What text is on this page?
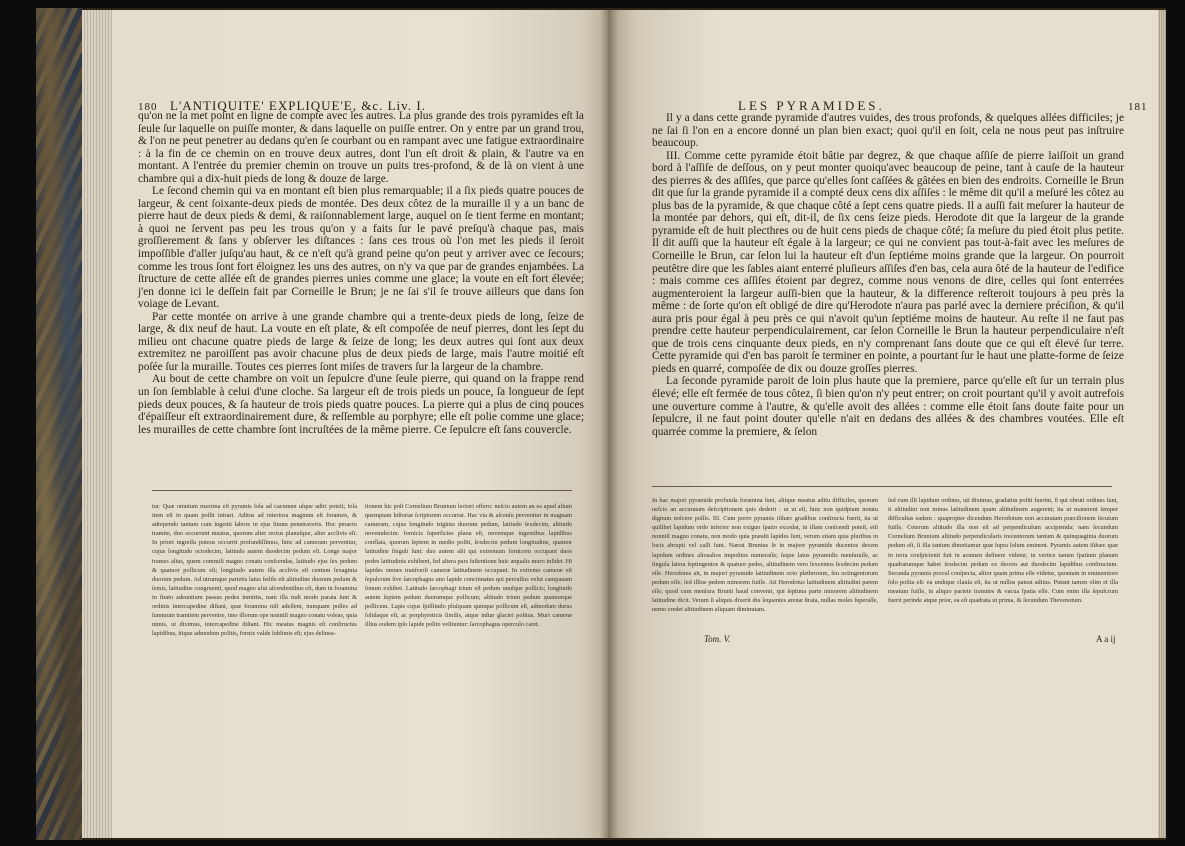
180 L'ANTIQUITE' EXPLIQUE'E, &c. Liv. I.

qu'on ne la met point en ligne de compte avec les autres. La plus grande des trois pyramides eſt la ſeule ſur laquelle on puiſſe monter, & dans laquelle on puiſſe entrer. On y entre par un grand trou, & l'on ne peut penetrer au dedans qu'en ſe courbant ou en rampant avec une fatigue extraordinaire : à la fin de ce chemin on en trouve deux autres, dont l'un eſt droit & plain, & l'autre va en montant. A l'entrée du premier chemin on trouve un puits tres-profond, & de là on vient à une chambre qui a dix-huit pieds de long & douze de large.

Le ſecond chemin qui va en montant eſt bien plus remarquable; il a ſix pieds quatre pouces de largeur, & cent ſoixante-deux pieds de montée. Des deux côtez de la muraille il y a un banc de pierre haut de deux pieds & demi, & raiſonnablement large, auquel on ſe tient ferme en montant; à quoi ne ſervent pas peu les trous qu'on y a faits ſur le pavé preſqu'à chaque pas, mais groſſierement & ſans y obſerver les diſtances : ſans ces trous où l'on met les pieds il ſeroit impoſſible d'aller juſqu'au haut, & ce n'eſt qu'à grand peine qu'on peut y arriver avec ce ſecours; comme les trous ſont fort éloignez les uns des autres, on n'y va que par de grandes enjambées. La ſtructure de cette allée eſt de grandes pierres unies comme une glace; la voute en eſt fort élevée; j'en donne ici le deſſein fait par Corneille le Brun; je ne ſai s'il ſe trouve ailleurs que dans ſon voiage de Levant.

Par cette montée on arrive à une grande chambre qui a trente-deux pieds de long, ſeize de large, & dix neuf de haut. La voute en eſt plate, & eſt compoſée de neuf pierres, dont les ſept du milieu ont chacune quatre pieds de large & ſeize de long; les deux autres qui ſont aux deux extremitez ne paroiſſent pas avoir chacune plus de deux pieds de large, mais l'autre moitié eſt poſée ſur la muraille. Toutes ces pierres ſont miſes de travers ſur la largeur de la chambre.

Au bout de cette chambre on voit un ſepulcre d'une ſeule pierre, qui quand on la frappe rend un ſon ſemblable à celui d'une cloche. Sa largeur eſt de trois pieds un pouce, ſa longueur de ſept pieds deux pouces, & ſa hauteur de trois pieds quatre pouces. La pierre qui a plus de cinq pouces d'épaiſſeur eſt extraordinairement dure, & reſſemble au porphyre; elle eſt polie comme une glace; les murailles de cette chambre ſont incruſtées de la même pierre. Ce ſepulcre eſt ſans couvercle.

tur. Quæ omnium maxima eſt pyramis ſola ad cacumen uſque adiri poteſt; ſola item eſt in quam poſſit intrari. Aditus ad interiora magnum eſt foramen, & adrependo tantum cum ingenti labore in ejus ſinum penetraveris. Hoc peracto tramite, duo occurrunt meatus, quorum alter rectus planuſque, alter acclivis eſt. In priori ingreſſu puteus occurrit profundiſſimus, hinc ad cameram pervenitur, cujus longitudo octodecim, latitudo autem duodecim pedum eſt. Longe major trames alius, quem commiſi magno conatu conſcendas, latitudo ejus ſex pedum & quatuor pollicum eſt; longitudo autem illa acclivis eſt centum ſexaginta duorum pedum. Ad utrumque parietis latus ſedile eſt altitudine duorum pedum & ſemis, latitudine congruenti, quod magno uſui aſcendentibus eſt, dum in foramina in ſtrato adeuntium passus pedes inmittis, nam illa rudi modo parata ſunt & ordinis intercapedine diſtant, quæ foramina niſi adeſſent, nunquam poſſes ad ſummum tramitem pervenire, imo illorum ope nonniſi magno conatu voleas, quia nimis, ut diximus, intercapedine diſtant. Hic meatus magnis eſt conſtructus lapidibus, itique admodum politis, fornix valde ſublimis eſt; ejus delinea-

tionem hic poſt Cornelium Brunium lectori offero: neſcio autem an ea apud alium quempiam hiſtoriæ ſcriptorem occurrat. Hac via & aſcenſu pervenitur in magnam cameram, cujus longitudo triginta duorum pedum, latitudo ſexdecim, altitudo novemdecim: fornicis ſuperficies plana eſt, novemque ingentibus lapidibus conflata, quorum ſeptem in medio poſiti, ſexdecim pedum longitudine, quatuor latitudine ſinguli ſunt: duo autem alii qui extremum fornicem occupant duos pedes latitudinis exhibent, ſed altera pars ſuſtentione huic æqualis muro inſidet. Hi lapides omnes tranſverſi cameræ latitudinem occupant. In extremo cameræ eſt ſepulcrum ſive ſarcophagus uno lapide concinnatus qui percuſſus velut campanam ſonum exhibet. Latitudo ſarcophagi trium eſt pedum unuſque pollicis; longitudo autem ſeptem pedum duorumque pollicum; altitudo trium pedum quatuorque pollicum. Lapis cujus ſpiſſitudo pluſquam quinque pollicum eſt, admodum durus ſolidaque eſt, ac porphyreticis ſimilis, atque inſtar glaciei politus. Muri cameræ illius eodem ipſo lapide polito veſtiuntur: ſarcophagus operculo caret.

LES PYRAMIDES.	181

Il y a dans cette grande pyramide d'autres vuides, des trous profonds, & quelques allées difficiles; je ne ſai ſi l'on en a encore donné un plan bien exact; quoi qu'il en ſoit, cela ne nous peut pas inſtruire beaucoup.

III. Comme cette pyramide étoit bâtie par degrez, & que chaque aſſiſe de pierre laiſſoit un grand bord à l'aſſiſe de deſſous, on y peut monter quoiqu'avec beaucoup de peine, tant à cauſe de la hauteur des pierres & des aſſiſes, que parce qu'elles ſont caſſées & gâtées en bien des endroits. Corneille le Brun dit que ſur la grande pyramide il a compté deux cens dix aſſiſes : le même dit qu'il a meſuré les côtez au plus bas de la pyramide, & que chaque côté a ſept cens quatre pieds. Il a auſſi fait meſurer la hauteur de la montée par dehors, qui eſt, dit-il, de ſix cens ſeize pieds. Herodote dit que la largeur de la grande pyramide eſt de huit plecthres ou de huit cens pieds de chaque côté; ſa meſure du pied étoit plus petite. Il dit auſſi que la hauteur eſt égale à la largeur; ce qui ne convient pas tout-à-fait avec les meſures de Corneille le Brun, car ſelon lui la hauteur eſt d'un ſeptiéme moins grande que la largeur. On pourroit peutêtre dire que les ſables aiant enterré pluſieurs aſſiſes d'en bas, cela aura ôté de la hauteur de l'edifice : mais comme ces aſſiſes étoient par degrez, comme nous venons de dire, celles qui ſont enterrées augmenteroient la largeur auſſi-bien que la hauteur, & la difference reſteroit toujours à peu près la même : de ſorte qu'on eſt obligé de dire qu'Herodote n'aura pas parlé avec la derniere préciſion, & qu'il aura pris pour égal à peu près ce qui n'avoit qu'un ſeptiéme moins de hauteur. Au reſte il ne faut pas prendre cette hauteur perpendiculairement, car ſelon Corneille le Brun la hauteur perpendiculaire n'eſt que de trois cens cinquante deux pieds, en n'y comprenant ſans doute que ce qui eſt élevé ſur terre. Cette pyramide qui d'en bas paroit ſe terminer en pointe, a pourtant ſur le haut une platte-forme de ſeize pieds en quarré, compoſée de dix ou douze groſſes pierres.

La ſeconde pyramide paroit de loin plus haute que la premiere, parce qu'elle eſt ſur un terrain plus élevé; elle eſt fermée de tous côtez, ſi bien qu'on n'y peut entrer; on croit pourtant qu'il y avoit autrefois une ouverture comme à l'autre, & qu'elle avoit des allées : comme elle étoit ſans doute faite pour un ſepulcre, il ne faut point douter qu'elle n'ait en dedans des allées & des chambres voutées. Elle eſt quarrée comme la premiere, & ſelon

In hac majori pyramide profunda foramina ſunt, aliique meatus aditu difficiles, quorum neſcio an accuratam deſcriptionem quis dederit : ut ut eſt, hinc non quidpiam notatu dignum noſcere poſſis. III. Cum porro pyramis iſthæc gradibus conſtructa fuerit, ita ut quilibet lapidum ordo inferior non exiguo ſpatio excedat, in illam conſcendi poteſt, etſi nonniſi magno conatu, non modo quia præalti lapides ſunt, verum etiam quia pluribus in locis abrupti vel caſſi ſunt. Narrat Brunius ſe in majore pyramide ducentos decem lapidum ordines aliosalios impoſitos numeraſſe; ſeque latus pyramidis menſuraſſe, ac ſingula latera ſeptingentos & quatuor pedes, altitudinem vero ſexcentos ſexdecim pedum eſſe. Herodotus ait, in majori pyramide latitudinem octo plethrorum, ſeu octingentorum pedum eſſe; ſed illius pedem minorem fuiſſe. Ait Herodotus latitudinem altitudini parem eſſe; quod cum menſura Brunii haud convenit, qui ſeptima parte minorem altitudinem latitudine dicit. Verum ſi aliquis dixerit diu ſequentes arenæ ſtrata, nullas moles ſuperaſſe, nemo credet altitudinem aliquam diminutam.

ſed cum illi lapidum ordines, uti diximus, gradatim poſiti fuerint, ſi qui obruti ordines ſunt, ii altitudini non minus latitudinem quam altitudinem augerent; ita ut manerent ſemper difficultas eadem : quapropter dicendum Herodotum non accuratam præciſionem ſecutum fuiſſe. Ceterum altitudo illa non eſt ad perpendiculum accipienda; nam ſecundum Cornelium Brunium altitudo perpendicularis trecentorum tantum & quinquaginta duorum pedum eſt, ſi illa tantum dimetiamur quæ ſupra ſolum eminent. Pyramis autem iſthæc quæ in terra conſpicienti fuit in acumen deſinere videtur, in vertice tamen ſpatium planum quadratumque habet ſexdecim pedum ex decem aut duodecim lapidibus conſtructum. Secunda pyramis procul conſpecta, altior quam prima eſſe videtur, quoniam in eminentiore ſolo poſita eſt: ea undique clauſa eſt, ita ut nullus pateat aditus. Putant tamen olim et illa meatum fuiſſe, in aliquo pariete tramites & vacua ſpatia eſſe. Cum enim illa ſepulcrum fuerit perinde atque prior, ea eſt quadrata ut prima, & ſecundum Thevenotum.

Tom. V.	A a ij
